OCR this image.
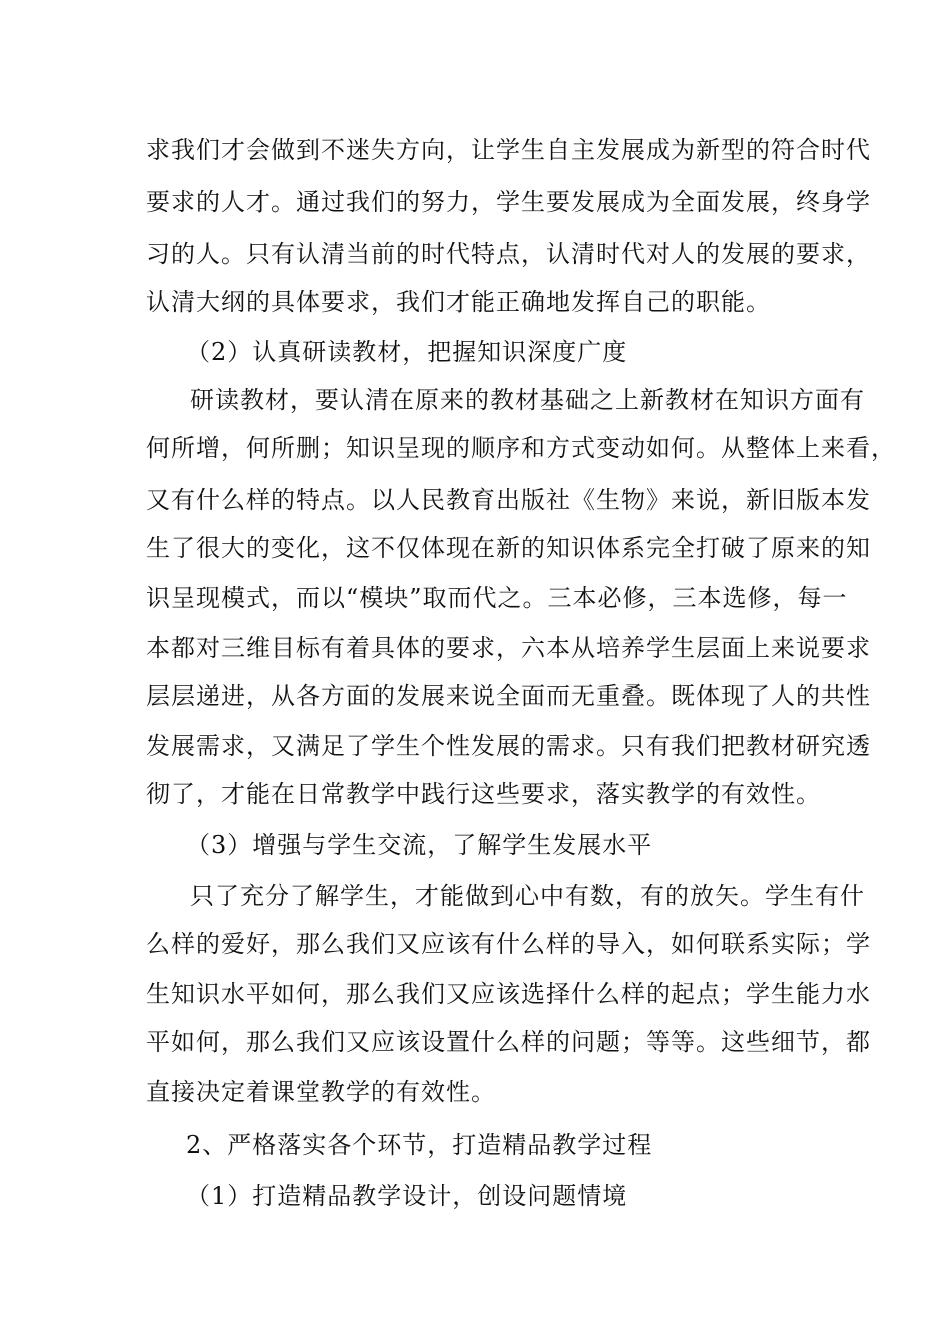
求我们才会做到不迷失方向，让学生自主发展成为新型的符合时代
要求的人才。通过我们的努力，学生要发展成为全面发展，终身学
习的人。只有认清当前的时代特点，认清时代对人的发展的要求，
认清大纲的具体要求，我们才能正确地发挥自己的职能。
（2）认真研读教材，把握知识深度广度
研读教材，要认清在原来的教材基础之上新教材在知识方面有
何所增，何所删；知识呈现的顺序和方式变动如何。从整体上来看，
又有什么样的特点。以人民教育出版社《生物》来说，新旧版本发
生了很大的变化，这不仅体现在新的知识体系完全打破了原来的知
识呈现模式，而以“模块”取而代之。三本必修，三本选修，每一
本都对三维目标有着具体的要求，六本从培养学生层面上来说要求
层层递进，从各方面的发展来说全面而无重叠。既体现了人的共性
发展需求，又满足了学生个性发展的需求。只有我们把教材研究透
彻了，才能在日常教学中践行这些要求，落实教学的有效性。
（3）增强与学生交流，了解学生发展水平
只了充分了解学生，才能做到心中有数，有的放矢。学生有什
么样的爱好，那么我们又应该有什么样的导入，如何联系实际；学
生知识水平如何，那么我们又应该选择什么样的起点；学生能力水
平如何，那么我们又应该设置什么样的问题；等等。这些细节，都
直接决定着课堂教学的有效性。
2、严格落实各个环节，打造精品教学过程
（1）打造精品教学设计，创设问题情境
